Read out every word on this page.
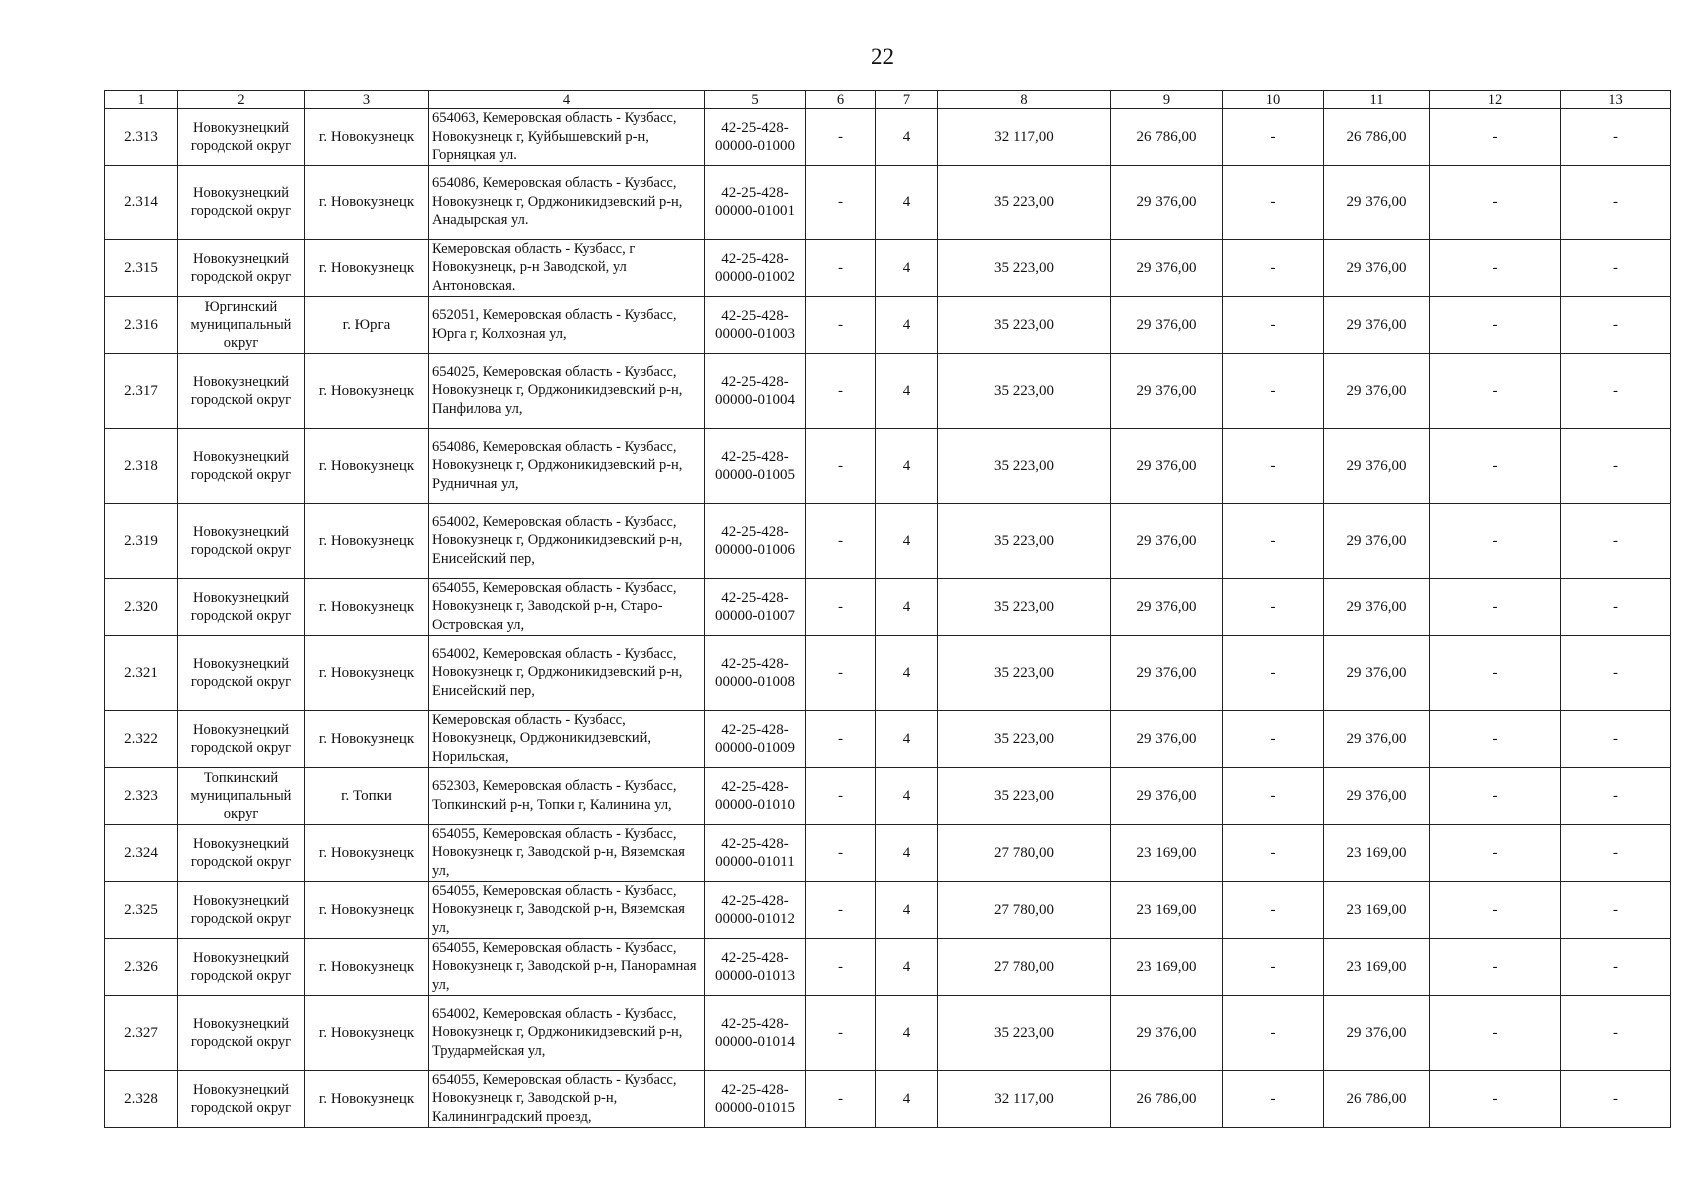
22
1	2	3	4	5	6	7	8	9	10	11	12	13
2.313	Новокузнецкий городской округ	г. Новокузнецк	654063, Кемеровская область - Кузбасс, Новокузнецк г, Куйбышевский р-н, Горняцкая ул.	42-25-428-00000-01000	-	4	32 117,00	26 786,00	-	26 786,00	-	-
2.314	Новокузнецкий городской округ	г. Новокузнецк	654086, Кемеровская область - Кузбасс, Новокузнецк г, Орджоникидзевский р-н, Анадырская ул.	42-25-428-00000-01001	-	4	35 223,00	29 376,00	-	29 376,00	-	-
2.315	Новокузнецкий городской округ	г. Новокузнецк	Кемеровская область - Кузбасс, г Новокузнецк, р-н Заводской, ул Антоновская.	42-25-428-00000-01002	-	4	35 223,00	29 376,00	-	29 376,00	-	-
2.316	Юргинский муниципальный округ	г. Юрга	652051, Кемеровская область - Кузбасс, Юрга г, Колхозная ул,	42-25-428-00000-01003	-	4	35 223,00	29 376,00	-	29 376,00	-	-
2.317	Новокузнецкий городской округ	г. Новокузнецк	654025, Кемеровская область - Кузбасс, Новокузнецк г, Орджоникидзевский р-н, Панфилова ул,	42-25-428-00000-01004	-	4	35 223,00	29 376,00	-	29 376,00	-	-
2.318	Новокузнецкий городской округ	г. Новокузнецк	654086, Кемеровская область - Кузбасс, Новокузнецк г, Орджоникидзевский р-н, Рудничная ул,	42-25-428-00000-01005	-	4	35 223,00	29 376,00	-	29 376,00	-	-
2.319	Новокузнецкий городской округ	г. Новокузнецк	654002, Кемеровская область - Кузбасс, Новокузнецк г, Орджоникидзевский р-н, Енисейский пер,	42-25-428-00000-01006	-	4	35 223,00	29 376,00	-	29 376,00	-	-
2.320	Новокузнецкий городской округ	г. Новокузнецк	654055, Кемеровская область - Кузбасс, Новокузнецк г, Заводской р-н, Старо-Островская ул,	42-25-428-00000-01007	-	4	35 223,00	29 376,00	-	29 376,00	-	-
2.321	Новокузнецкий городской округ	г. Новокузнецк	654002, Кемеровская область - Кузбасс, Новокузнецк г, Орджоникидзевский р-н, Енисейский пер,	42-25-428-00000-01008	-	4	35 223,00	29 376,00	-	29 376,00	-	-
2.322	Новокузнецкий городской округ	г. Новокузнецк	Кемеровская область - Кузбасс, Новокузнецк, Орджоникидзевский, Норильская,	42-25-428-00000-01009	-	4	35 223,00	29 376,00	-	29 376,00	-	-
2.323	Топкинский муниципальный округ	г. Топки	652303, Кемеровская область - Кузбасс, Топкинский р-н, Топки г, Калинина ул,	42-25-428-00000-01010	-	4	35 223,00	29 376,00	-	29 376,00	-	-
2.324	Новокузнецкий городской округ	г. Новокузнецк	654055, Кемеровская область - Кузбасс, Новокузнецк г, Заводской р-н, Вяземская ул,	42-25-428-00000-01011	-	4	27 780,00	23 169,00	-	23 169,00	-	-
2.325	Новокузнецкий городской округ	г. Новокузнецк	654055, Кемеровская область - Кузбасс, Новокузнецк г, Заводской р-н, Вяземская ул,	42-25-428-00000-01012	-	4	27 780,00	23 169,00	-	23 169,00	-	-
2.326	Новокузнецкий городской округ	г. Новокузнецк	654055, Кемеровская область - Кузбасс, Новокузнецк г, Заводской р-н, Панорамная ул,	42-25-428-00000-01013	-	4	27 780,00	23 169,00	-	23 169,00	-	-
2.327	Новокузнецкий городской округ	г. Новокузнецк	654002, Кемеровская область - Кузбасс, Новокузнецк г, Орджоникидзевский р-н, Трудармейская ул,	42-25-428-00000-01014	-	4	35 223,00	29 376,00	-	29 376,00	-	-
2.328	Новокузнецкий городской округ	г. Новокузнецк	654055, Кемеровская область - Кузбасс, Новокузнецк г, Заводской р-н, Калининградский проезд,	42-25-428-00000-01015	-	4	32 117,00	26 786,00	-	26 786,00	-	-
